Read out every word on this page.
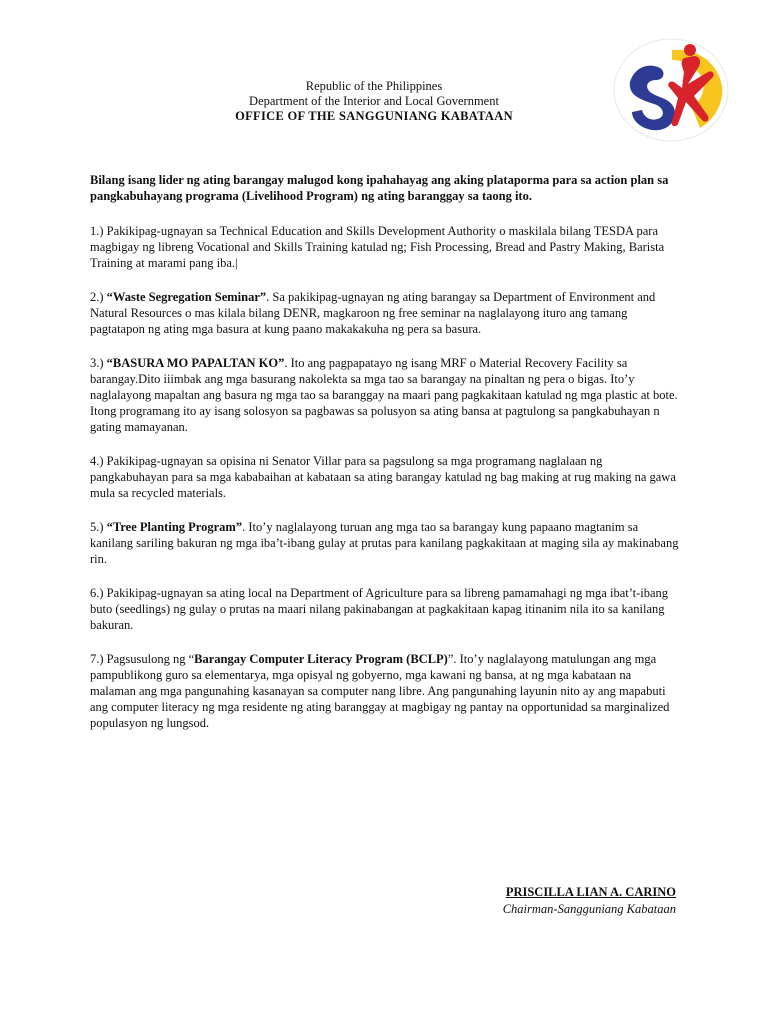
Republic of the Philippines
Department of the Interior and Local Government
OFFICE OF THE SANGGUNIANG KABATAAN

Bilang isang lider ng ating barangay malugod kong ipahahayag ang aking plataporma para sa action plan sa pangkabuhayang programa (Livelihood Program) ng ating baranggay sa taong ito.

1.) Pakikipag-ugnayan sa Technical Education and Skills Development Authority o maskilala bilang TESDA para magbigay ng libreng Vocational and Skills Training katulad ng; Fish Processing, Bread and Pastry Making, Barista Training at marami pang iba.|

2.) “Waste Segregation Seminar”. Sa pakikipag-ugnayan ng ating barangay sa Department of Environment and Natural Resources o mas kilala bilang DENR, magkaroon ng free seminar na naglalayong ituro ang tamang pagtatapon ng ating mga basura at kung paano makakakuha ng pera sa basura.

3.) “BASURA MO PAPALTAN KO”. Ito ang pagpapatayo ng isang MRF o Material Recovery Facility sa barangay.Dito iiimbak ang mga basurang nakolekta sa mga tao sa barangay na pinaltan ng pera o bigas. Ito’y naglalayong mapaltan ang basura ng mga tao sa baranggay na maari pang pagkakitaan katulad ng mga plastic at bote. Itong programang ito ay isang solosyon sa pagbawas sa polusyon sa ating bansa at pagtulong sa pangkabuhayan n gating mamayanan.

4.) Pakikipag-ugnayan sa opisina ni Senator Villar para sa pagsulong sa mga programang naglalaan ng pangkabuhayan para sa mga kababaihan at kabataan sa ating barangay katulad ng bag making at rug making na gawa mula sa recycled materials.

5.) “Tree Planting Program”. Ito’y naglalayong turuan ang mga tao sa barangay kung papaano magtanim sa kanilang sariling bakuran ng mga iba’t-ibang gulay at prutas para kanilang pagkakitaan at maging sila ay makinabang rin.

6.) Pakikipag-ugnayan sa ating local na Department of Agriculture para sa libreng pamamahagi ng mga ibat’t-ibang buto (seedlings) ng gulay o prutas na maari nilang pakinabangan at pagkakitaan kapag itinanim nila ito sa kanilang bakuran.

7.) Pagsusulong ng “Barangay Computer Literacy Program (BCLP)”. Ito’y naglalayong matulungan ang mga pampublikong guro sa elementarya, mga opisyal ng gobyerno, mga kawani ng bansa, at ng mga kabataan na malaman ang mga pangunahing kasanayan sa computer nang libre. Ang pangunahing layunin nito ay ang mapabuti ang computer literacy ng mga residente ng ating baranggay at magbigay ng pantay na opportunidad sa marginalized populasyon ng lungsod.

PRISCILLA LIAN A. CARINO
Chairman-Sangguniang Kabataan
